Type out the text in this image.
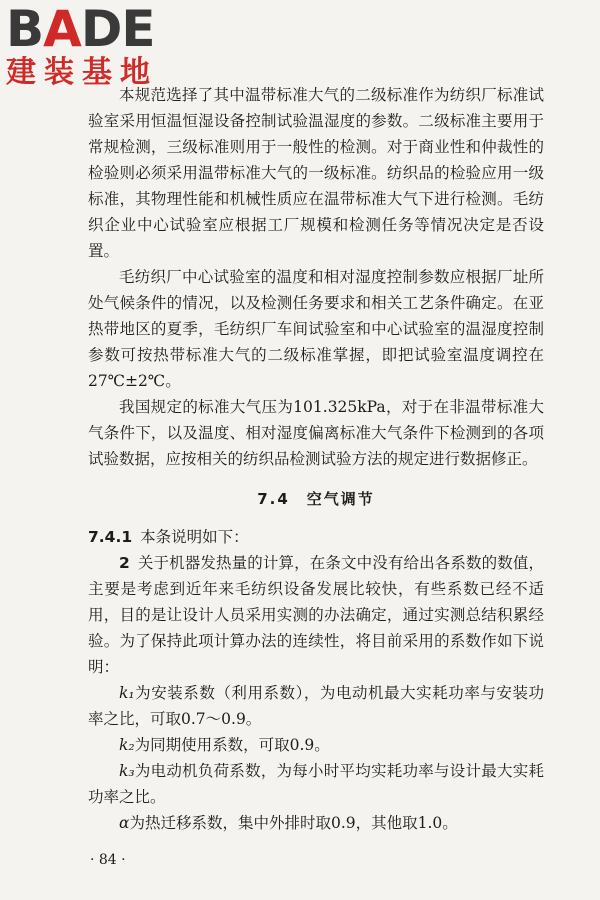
BADE
建装基地

本规范选择了其中温带标准大气的二级标准作为纺织厂标准试验室采用恒温恒湿设备控制试验温湿度的参数。二级标准主要用于常规检测，三级标准则用于一般性的检测。对于商业性和仲裁性的检验则必须采用温带标准大气的一级标准。纺织品的检验应用一级标准，其物理性能和机械性质应在温带标准大气下进行检测。毛纺织企业中心试验室应根据工厂规模和检测任务等情况决定是否设置。

毛纺织厂中心试验室的温度和相对湿度控制参数应根据厂址所处气候条件的情况，以及检测任务要求和相关工艺条件确定。在亚热带地区的夏季，毛纺织厂车间试验室和中心试验室的温湿度控制参数可按热带标准大气的二级标准掌握，即把试验室温度调控在27℃±2℃。

我国规定的标准大气压为101.325kPa，对于在非温带标准大气条件下，以及温度、相对湿度偏离标准大气条件下检测到的各项试验数据，应按相关的纺织品检测试验方法的规定进行数据修正。

7.4　空气调节

7.4.1 本条说明如下：

2 关于机器发热量的计算，在条文中没有给出各系数的数值，主要是考虑到近年来毛纺织设备发展比较快，有些系数已经不适用，目的是让设计人员采用实测的办法确定，通过实测总结积累经验。为了保持此项计算办法的连续性，将目前采用的系数作如下说明：

k₁为安装系数（利用系数），为电动机最大实耗功率与安装功率之比，可取0.7～0.9。

k₂为同期使用系数，可取0.9。

k₃为电动机负荷系数，为每小时平均实耗功率与设计最大实耗功率之比。

α为热迁移系数，集中外排时取0.9，其他取1.0。

· 84 ·
